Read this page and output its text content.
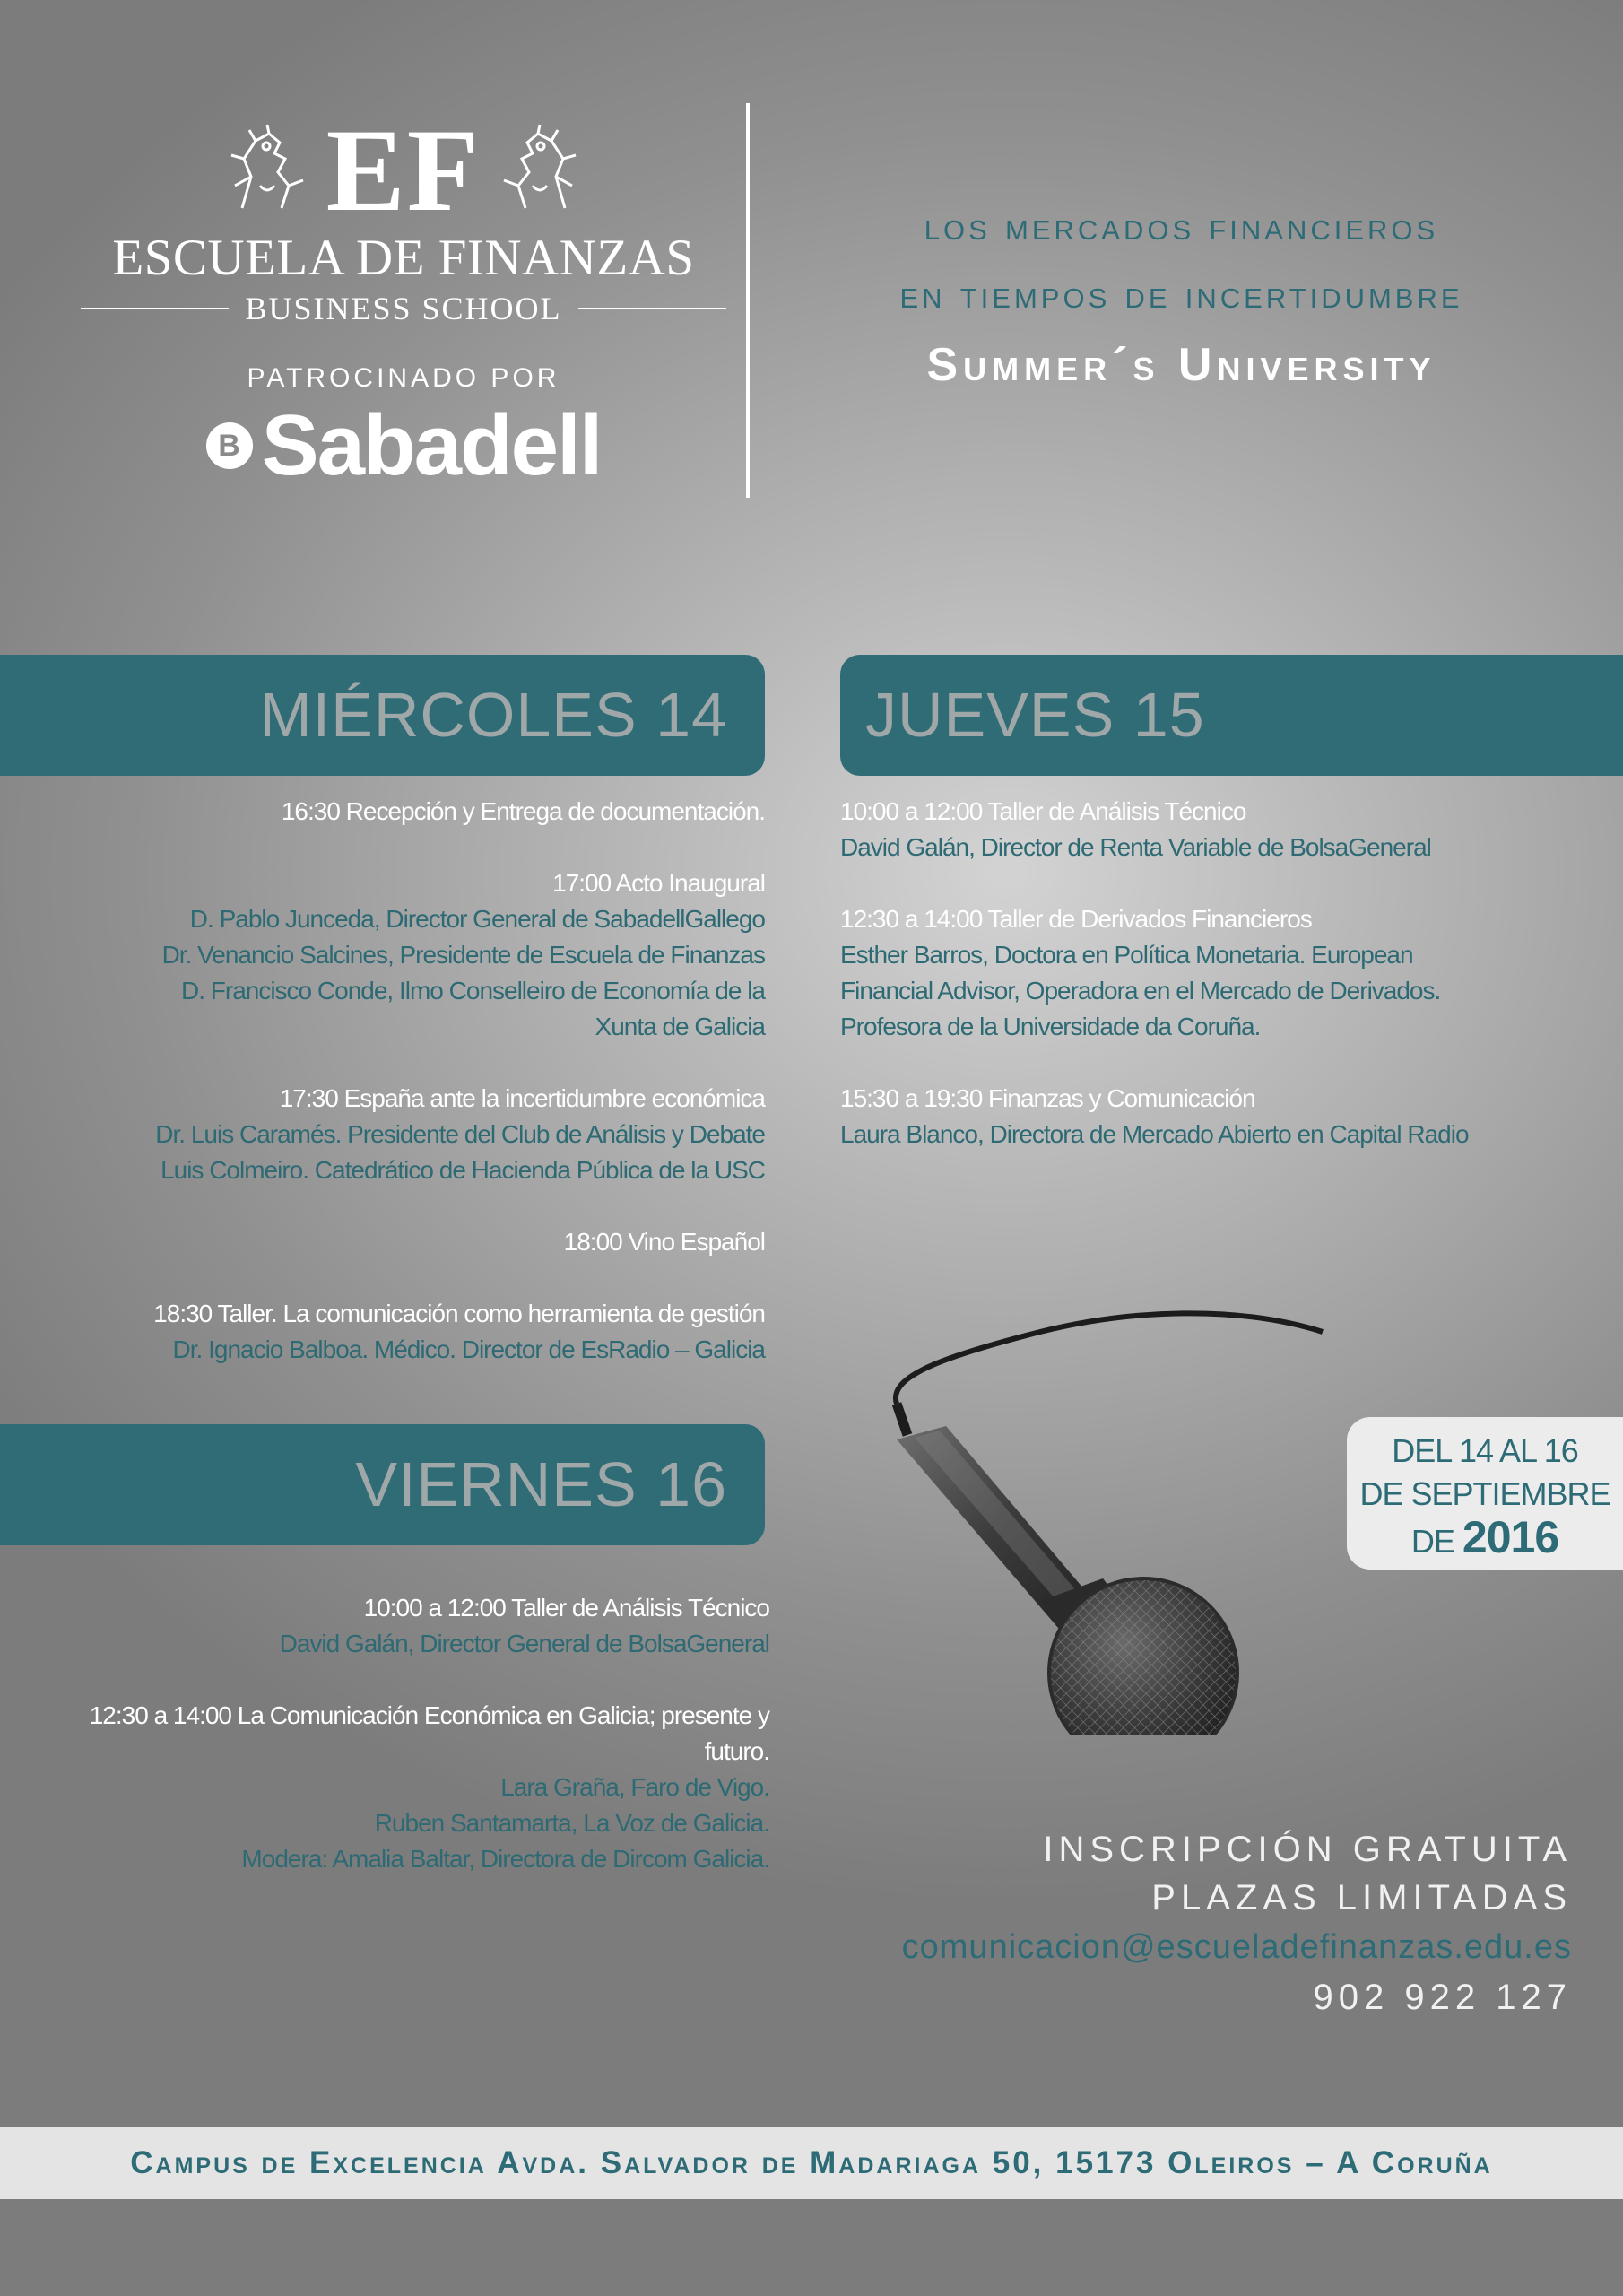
EF
ESCUELA DE FINANZAS
BUSINESS SCHOOL
PATROCINADO POR
B Sabadell
los mercados financieros
en tiempos de incertidumbre
Summer´s University
MIÉRCOLES 14	JUEVES 15
VIERNES 16
16:30 Recepción y Entrega de documentación.
17:00 Acto Inaugural
D. Pablo Junceda, Director General de SabadellGallego
Dr. Venancio Salcines, Presidente de Escuela de Finanzas
D. Francisco Conde, Ilmo Conselleiro de Economía de la
Xunta de Galicia
17:30 España ante la incertidumbre económica
Dr. Luis Caramés. Presidente del Club de Análisis y Debate
Luis Colmeiro. Catedrático de Hacienda Pública de la USC
18:00 Vino Español
18:30 Taller. La comunicación como herramienta de gestión
Dr. Ignacio Balboa. Médico. Director de EsRadio – Galicia
10:00 a 12:00 Taller de Análisis Técnico
David Galán, Director de Renta Variable de BolsaGeneral
12:30 a 14:00 Taller de Derivados Financieros
Esther Barros, Doctora en Política Monetaria. European
Financial Advisor, Operadora en el Mercado de Derivados.
Profesora de la Universidade da Coruña.
15:30 a 19:30 Finanzas y Comunicación
Laura Blanco, Directora de Mercado Abierto en Capital Radio
10:00 a 12:00 Taller de Análisis Técnico
David Galán, Director General de BolsaGeneral
12:30 a 14:00 La Comunicación Económica en Galicia; presente y futuro.
Lara Graña, Faro de Vigo.
Ruben Santamarta, La Voz de Galicia.
Modera: Amalia Baltar, Directora de Dircom Galicia.
DEL 14 AL 16
DE SEPTIEMBRE
DE 2016
INSCRIPCIÓN GRATUITA
PLAZAS LIMITADAS
comunicacion@escueladefinanzas.edu.es
902 922 127
Campus de Excelencia Avda. Salvador de Madariaga 50, 15173 Oleiros – A Coruña
